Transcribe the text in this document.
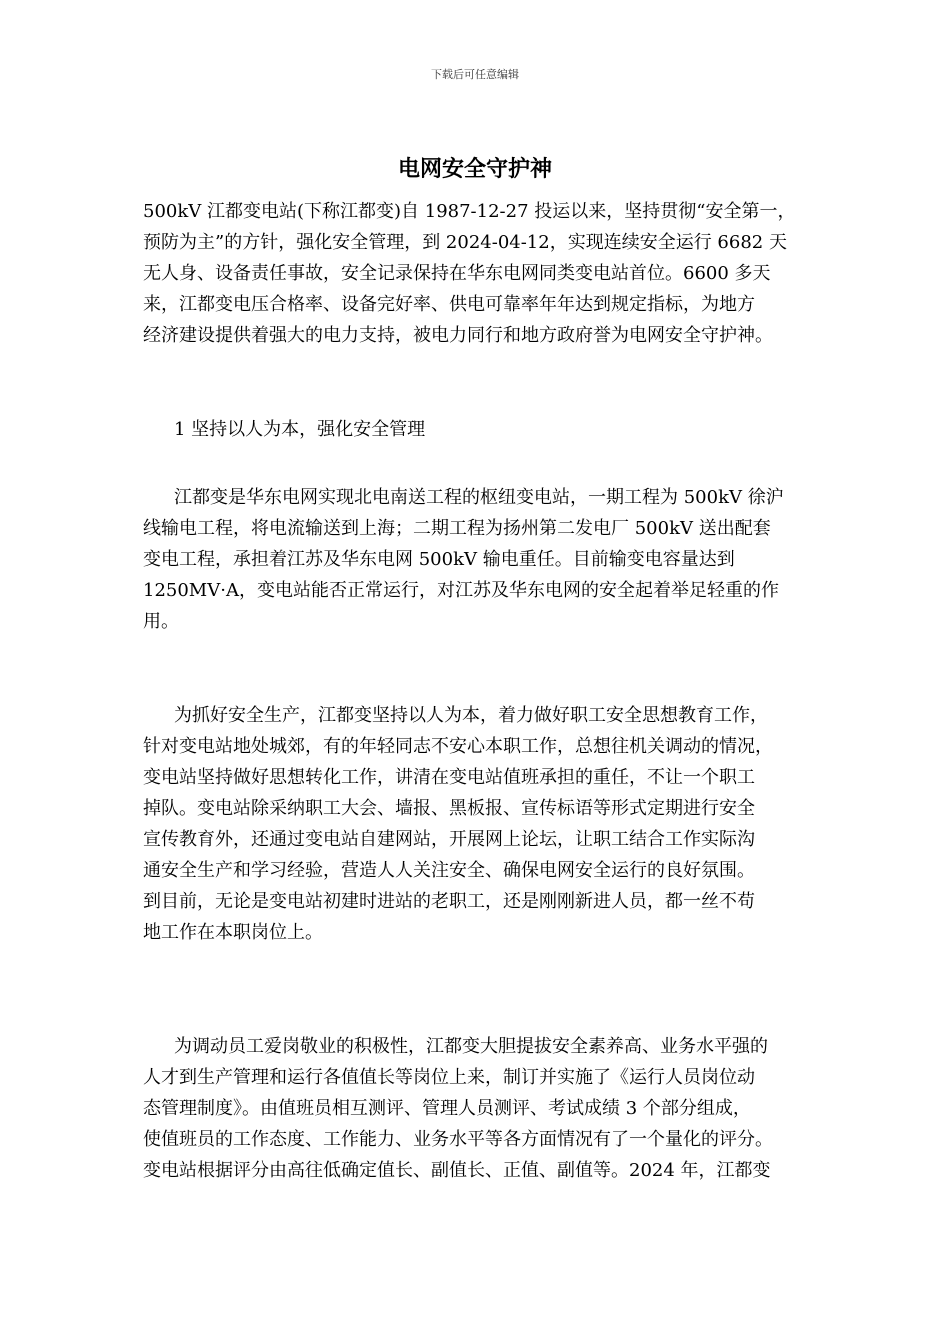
下载后可任意编辑
电网安全守护神
500kV 江都变电站(下称江都变)自 1987-12-27 投运以来，坚持贯彻“安全第一，
预防为主”的方针，强化安全管理，到 2024-04-12，实现连续安全运行 6682 天
无人身、设备责任事故，安全记录保持在华东电网同类变电站首位。6600 多天
来，江都变电压合格率、设备完好率、供电可靠率年年达到规定指标，为地方
经济建设提供着强大的电力支持，被电力同行和地方政府誉为电网安全守护神。
1 坚持以人为本，强化安全管理
江都变是华东电网实现北电南送工程的枢纽变电站，一期工程为 500kV 徐沪
线输电工程，将电流输送到上海；二期工程为扬州第二发电厂 500kV 送出配套
变电工程，承担着江苏及华东电网 500kV 输电重任。目前输变电容量达到
1250MV·A，变电站能否正常运行，对江苏及华东电网的安全起着举足轻重的作
用。
为抓好安全生产，江都变坚持以人为本，着力做好职工安全思想教育工作，
针对变电站地处城郊，有的年轻同志不安心本职工作，总想往机关调动的情况，
变电站坚持做好思想转化工作，讲清在变电站值班承担的重任，不让一个职工
掉队。变电站除采纳职工大会、墙报、黑板报、宣传标语等形式定期进行安全
宣传教育外，还通过变电站自建网站，开展网上论坛，让职工结合工作实际沟
通安全生产和学习经验，营造人人关注安全、确保电网安全运行的良好氛围。
到目前，无论是变电站初建时进站的老职工，还是刚刚新进人员，都一丝不苟
地工作在本职岗位上。
为调动员工爱岗敬业的积极性，江都变大胆提拔安全素养高、业务水平强的
人才到生产管理和运行各值值长等岗位上来，制订并实施了《运行人员岗位动
态管理制度》。由值班员相互测评、管理人员测评、考试成绩 3 个部分组成，
使值班员的工作态度、工作能力、业务水平等各方面情况有了一个量化的评分。
变电站根据评分由高往低确定值长、副值长、正值、副值等。2024 年，江都变
